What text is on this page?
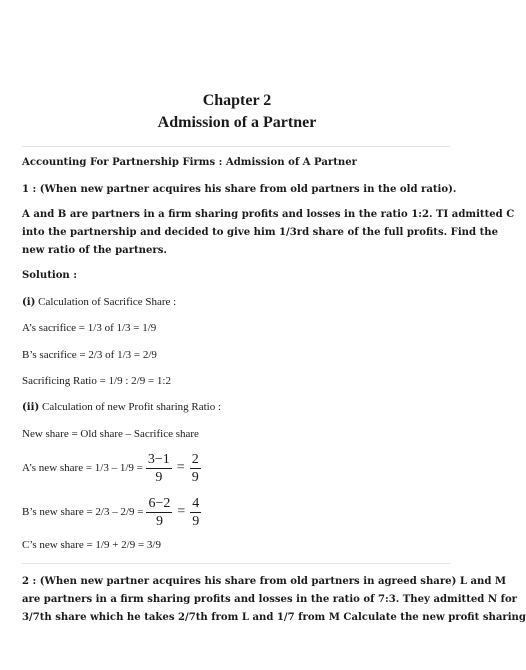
Chapter 2
Admission of a Partner
Accounting For Partnership Firms : Admission of A Partner
1 : (When new partner acquires his share from old partners in the old ratio).
A and B are partners in a firm sharing profits and losses in the ratio 1:2. TI admitted C
into the partnership and decided to give him 1/3rd share of the full profits. Find the
new ratio of the partners.
Solution :
(i) Calculation of Sacrifice Share :
A’s sacrifice = 1/3 of 1/3 = 1/9
B’s sacrifice = 2/3 of 1/3 = 2/9
Sacrificing Ratio = 1/9 : 2/9 = 1:2
(ii) Calculation of new Profit sharing Ratio :
New share = Old share – Sacrifice share
A’s new share = $1/3 - 1/9 = \frac{3-1}{9} = \frac{2}{9}$
B’s new share = $2/3 - 2/9 = \frac{6-2}{9} = \frac{4}{9}$
C’s new share = 1/9 + 2/9 = 3/9
2 : (When new partner acquires his share from old partners in agreed share) L and M
are partners in a firm sharing profits and losses in the ratio of 7:3. They admitted N for
3/7th share which he takes 2/7th from L and 1/7 from M Calculate the new profit sharing
